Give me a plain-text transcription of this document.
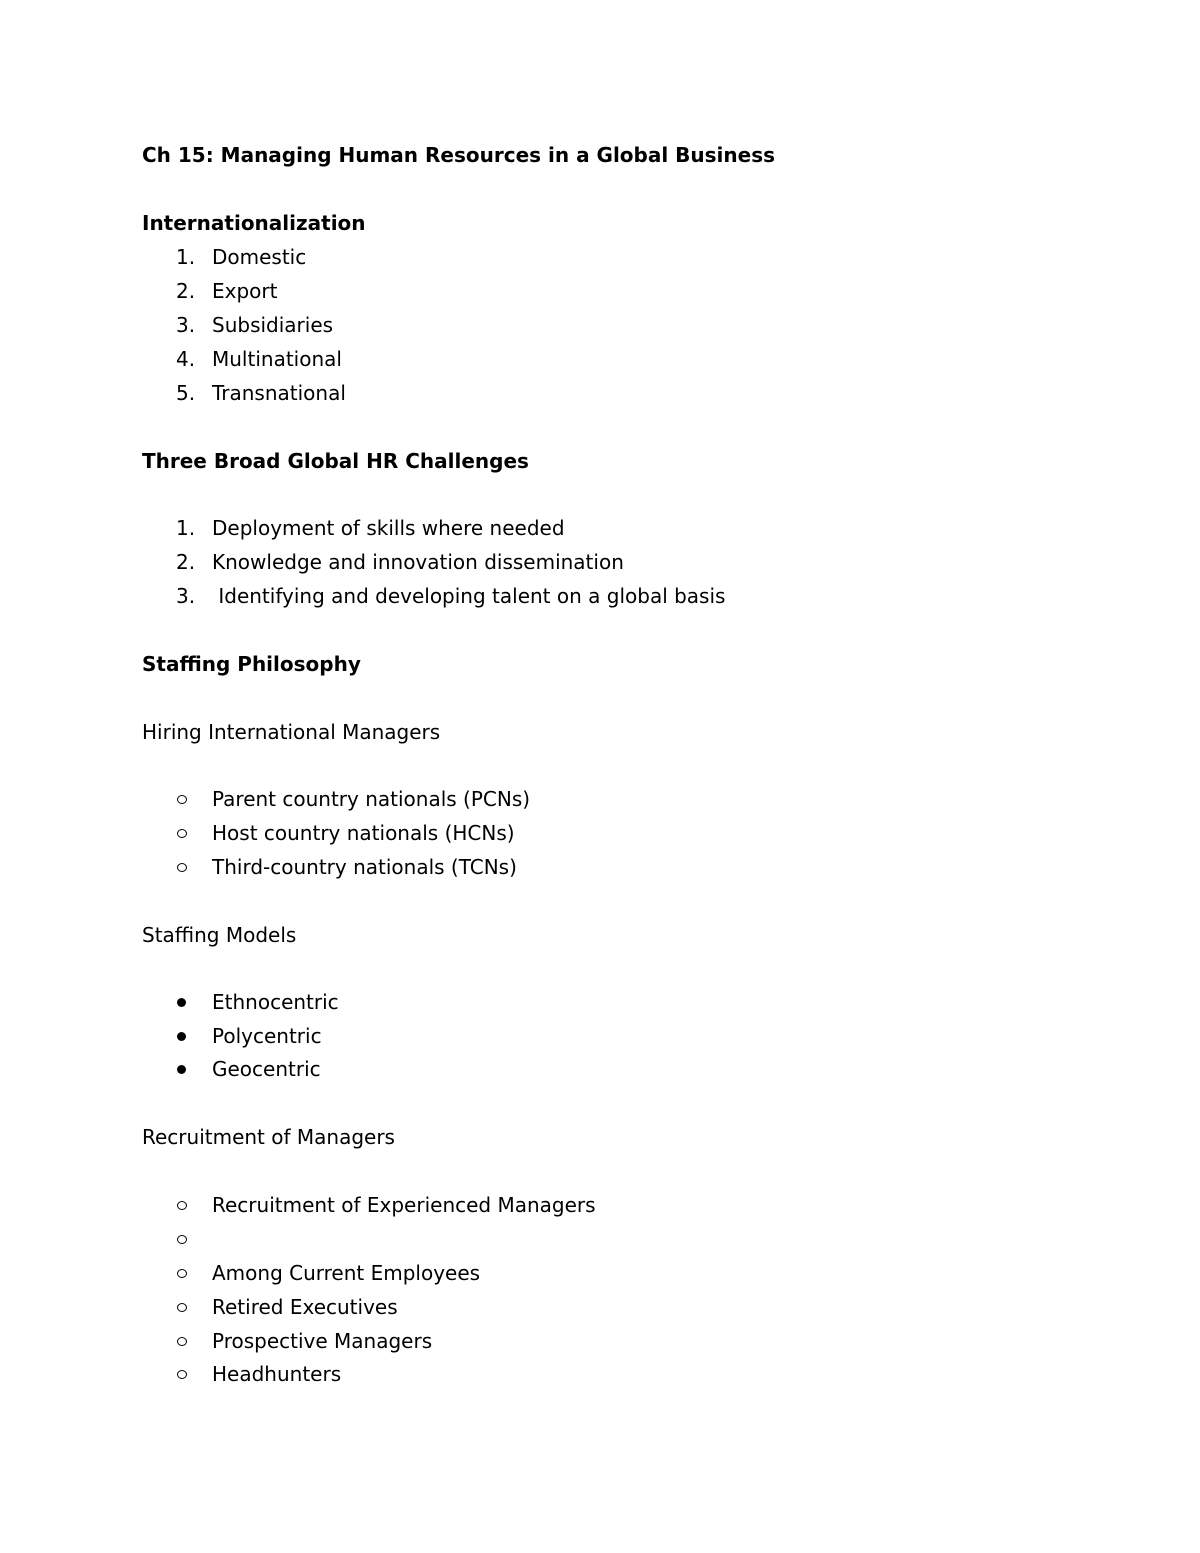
Ch 15: Managing Human Resources in a Global Business
Internationalization
1. Domestic
2. Export
3. Subsidiaries
4. Multinational
5. Transnational
Three Broad Global HR Challenges
1. Deployment of skills where needed
2. Knowledge and innovation dissemination
3. Identifying and developing talent on a global basis
Staffing Philosophy
Hiring International Managers
Parent country nationals (PCNs)
Host country nationals (HCNs)
Third-country nationals (TCNs)
Staffing Models
Ethnocentric
Polycentric
Geocentric
Recruitment of Managers
Recruitment of Experienced Managers
Among Current Employees
Retired Executives
Prospective Managers
Headhunters
